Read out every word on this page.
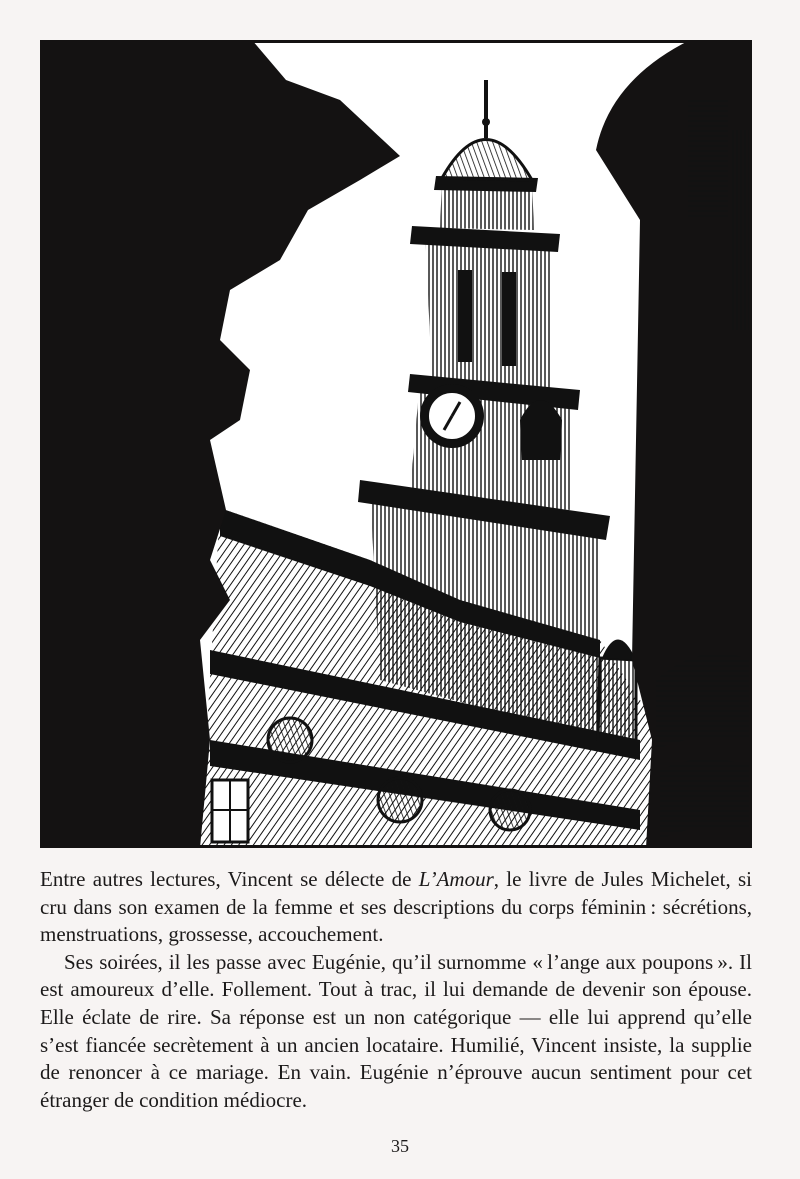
Entre autres lectures, Vincent se délecte de L’Amour, le livre de Jules Michelet, si cru dans son examen de la femme et ses descriptions du corps féminin : sécrétions, menstruations, grossesse, accouchement.

Ses soirées, il les passe avec Eugénie, qu’il surnomme « l’ange aux poupons ». Il est amoureux d’elle. Follement. Tout à trac, il lui demande de devenir son épouse. Elle éclate de rire. Sa réponse est un non catégorique — elle lui apprend qu’elle s’est fiancée secrètement à un ancien locataire. Humilié, Vincent insiste, la supplie de renoncer à ce mariage. En vain. Eugénie n’éprouve aucun sentiment pour cet étranger de condition médiocre.

35
